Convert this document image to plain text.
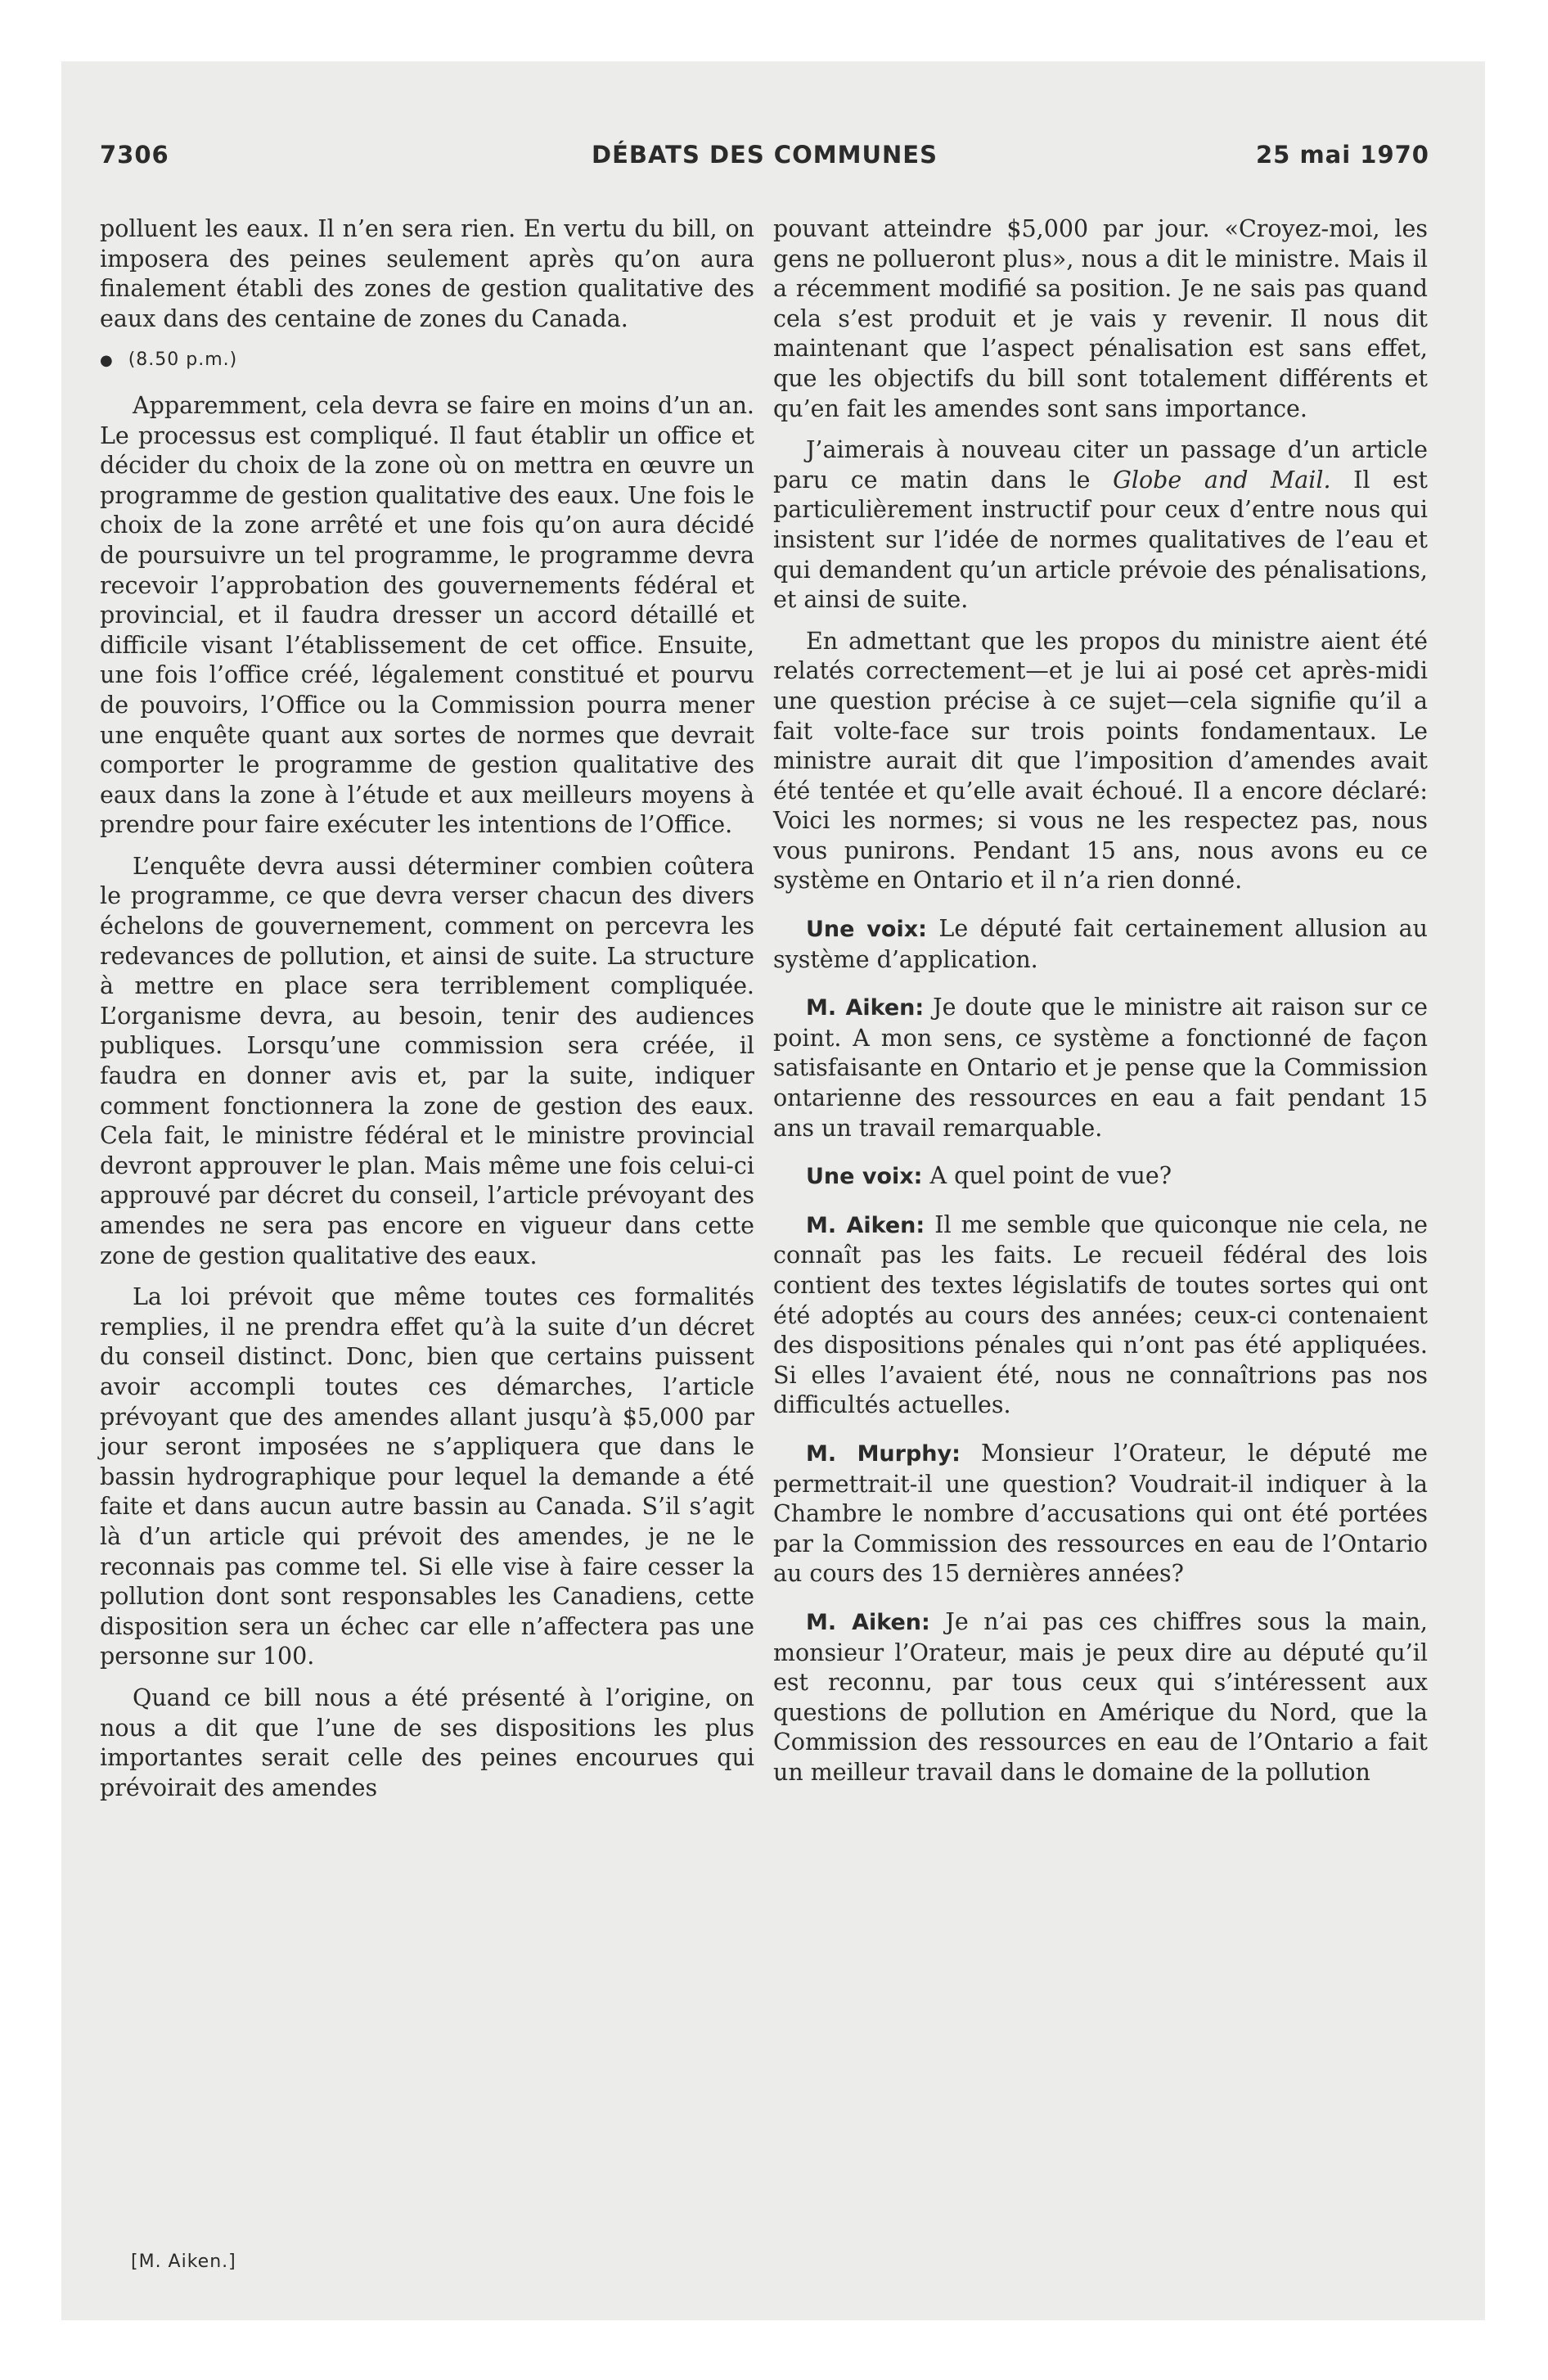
7306	DÉBATS DES COMMUNES	25 mai 1970

polluent les eaux. Il n’en sera rien. En vertu du bill, on imposera des peines seulement après qu’on aura finalement établi des zones de gestion qualitative des eaux dans des centaine de zones du Canada.

● (8.50 p.m.)

Apparemment, cela devra se faire en moins d’un an. Le processus est compliqué. Il faut établir un office et décider du choix de la zone où on mettra en œuvre un programme de gestion qualitative des eaux. Une fois le choix de la zone arrêté et une fois qu’on aura décidé de poursuivre un tel programme, le programme devra recevoir l’approbation des gouvernements fédéral et provincial, et il faudra dresser un accord détaillé et difficile visant l’établissement de cet office. Ensuite, une fois l’office créé, légalement constitué et pourvu de pouvoirs, l’Office ou la Commission pourra mener une enquête quant aux sortes de normes que devrait comporter le programme de gestion qualitative des eaux dans la zone à l’étude et aux meilleurs moyens à prendre pour faire exécuter les intentions de l’Office.

L’enquête devra aussi déterminer combien coûtera le programme, ce que devra verser chacun des divers échelons de gouvernement, comment on percevra les redevances de pollution, et ainsi de suite. La structure à mettre en place sera terriblement compliquée. L’organisme devra, au besoin, tenir des audiences publiques. Lorsqu’une commission sera créée, il faudra en donner avis et, par la suite, indiquer comment fonctionnera la zone de gestion des eaux. Cela fait, le ministre fédéral et le ministre provincial devront approuver le plan. Mais même une fois celui-ci approuvé par décret du conseil, l’article prévoyant des amendes ne sera pas encore en vigueur dans cette zone de gestion qualitative des eaux.

La loi prévoit que même toutes ces formalités remplies, il ne prendra effet qu’à la suite d’un décret du conseil distinct. Donc, bien que certains puissent avoir accompli toutes ces démarches, l’article prévoyant que des amendes allant jusqu’à $5,000 par jour seront imposées ne s’appliquera que dans le bassin hydrographique pour lequel la demande a été faite et dans aucun autre bassin au Canada. S’il s’agit là d’un article qui prévoit des amendes, je ne le reconnais pas comme tel. Si elle vise à faire cesser la pollution dont sont responsables les Canadiens, cette disposition sera un échec car elle n’affectera pas une personne sur 100.

Quand ce bill nous a été présenté à l’origine, on nous a dit que l’une de ses dispositions les plus importantes serait celle des peines encourues qui prévoirait des amendes

pouvant atteindre $5,000 par jour. «Croyez-moi, les gens ne pollueront plus», nous a dit le ministre. Mais il a récemment modifié sa position. Je ne sais pas quand cela s’est produit et je vais y revenir. Il nous dit maintenant que l’aspect pénalisation est sans effet, que les objectifs du bill sont totalement différents et qu’en fait les amendes sont sans importance.

J’aimerais à nouveau citer un passage d’un article paru ce matin dans le Globe and Mail. Il est particulièrement instructif pour ceux d’entre nous qui insistent sur l’idée de normes qualitatives de l’eau et qui demandent qu’un article prévoie des pénalisations, et ainsi de suite.

En admettant que les propos du ministre aient été relatés correctement—et je lui ai posé cet après-midi une question précise à ce sujet—cela signifie qu’il a fait volte-face sur trois points fondamentaux. Le ministre aurait dit que l’imposition d’amendes avait été tentée et qu’elle avait échoué. Il a encore déclaré: Voici les normes; si vous ne les respectez pas, nous vous punirons. Pendant 15 ans, nous avons eu ce système en Ontario et il n’a rien donné.

Une voix: Le député fait certainement allusion au système d’application.

M. Aiken: Je doute que le ministre ait raison sur ce point. A mon sens, ce système a fonctionné de façon satisfaisante en Ontario et je pense que la Commission ontarienne des ressources en eau a fait pendant 15 ans un travail remarquable.

Une voix: A quel point de vue?

M. Aiken: Il me semble que quiconque nie cela, ne connaît pas les faits. Le recueil fédéral des lois contient des textes législatifs de toutes sortes qui ont été adoptés au cours des années; ceux-ci contenaient des dispositions pénales qui n’ont pas été appliquées. Si elles l’avaient été, nous ne connaîtrions pas nos difficultés actuelles.

M. Murphy: Monsieur l’Orateur, le député me permettrait-il une question? Voudrait-il indiquer à la Chambre le nombre d’accusations qui ont été portées par la Commission des ressources en eau de l’Ontario au cours des 15 dernières années?

M. Aiken: Je n’ai pas ces chiffres sous la main, monsieur l’Orateur, mais je peux dire au député qu’il est reconnu, par tous ceux qui s’intéressent aux questions de pollution en Amérique du Nord, que la Commission des ressources en eau de l’Ontario a fait un meilleur travail dans le domaine de la pollution

[M. Aiken.]
